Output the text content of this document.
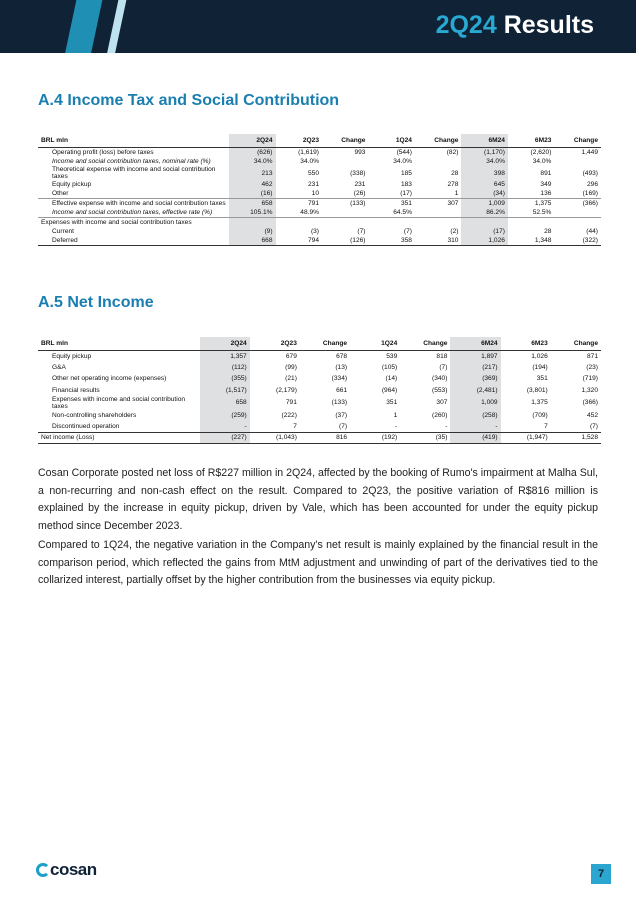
2Q24 Results
A.4 Income Tax and Social Contribution
BRL mln	2Q24	2Q23	Change	1Q24	Change	6M24	6M23	Change
Operating profit (loss) before taxes	(626)	(1,619)	993	(544)	(82)	(1,170)	(2,620)	1,449
Income and social contribution taxes, nominal rate (%)	34.0%	34.0%		34.0%		34.0%	34.0%	
Theoretical expense with income and social contribution taxes	213	550	(338)	185	28	398	891	(493)
Equity pickup	462	231	231	183	278	645	349	296
Other	(16)	10	(26)	(17)	1	(34)	136	(169)
Effective expense with income and social contribution taxes	658	791	(133)	351	307	1,009	1,375	(366)
Income and social contribution taxes, effective rate (%)	105.1%	48.9%		64.5%		86.2%	52.5%	
Expenses with income and social contribution taxes								
Current	(9)	(3)	(7)	(7)	(2)	(17)	28	(44)
Deferred	668	794	(126)	358	310	1,026	1,348	(322)
A.5 Net Income
BRL mln	2Q24	2Q23	Change	1Q24	Change	6M24	6M23	Change
Equity pickup	1,357	679	678	539	818	1,897	1,026	871
G&A	(112)	(99)	(13)	(105)	(7)	(217)	(194)	(23)
Other net operating income (expenses)	(355)	(21)	(334)	(14)	(340)	(369)	351	(719)
Financial results	(1,517)	(2,179)	661	(964)	(553)	(2,481)	(3,801)	1,320
Expenses with income and social contribution taxes	658	791	(133)	351	307	1,009	1,375	(366)
Non-controlling shareholders	(259)	(222)	(37)	1	(260)	(258)	(709)	452
Discontinued operation	-	7	(7)	-	-	-	7	(7)
Net income (Loss)	(227)	(1,043)	816	(192)	(35)	(419)	(1,947)	1,528

Cosan Corporate posted net loss of R$227 million in 2Q24, affected by the booking of Rumo's impairment at Malha Sul, a non-recurring and non-cash effect on the result. Compared to 2Q23, the positive variation of R$816 million is explained by the increase in equity pickup, driven by Vale, which has been accounted for under the equity pickup method since December 2023.

Compared to 1Q24, the negative variation in the Company's net result is mainly explained by the financial result in the comparison period, which reflected the gains from MtM adjustment and unwinding of part of the derivatives tied to the collarized interest, partially offset by the higher contribution from the businesses via equity pickup.

cosan	7
